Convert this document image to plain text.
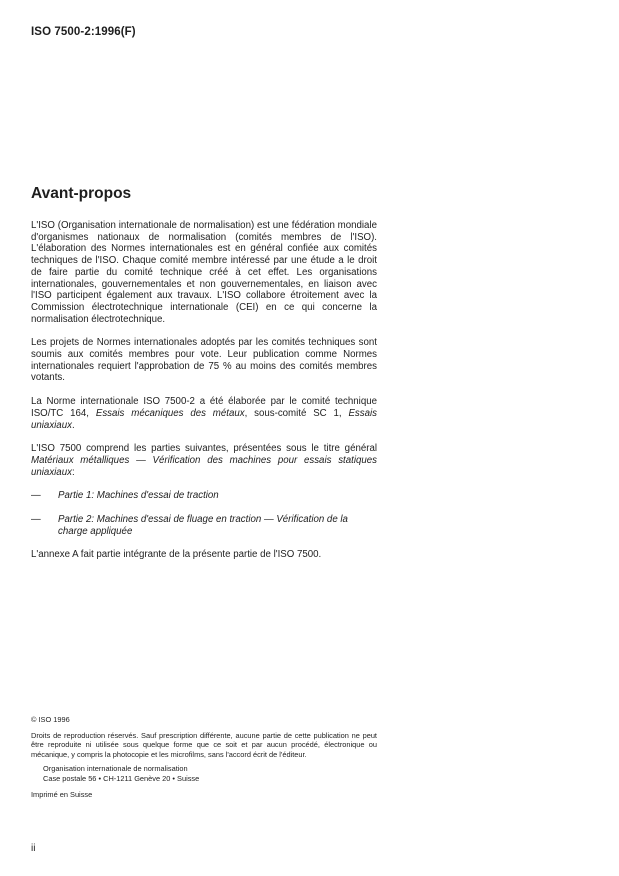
ISO 7500-2:1996(F)
Avant-propos

L'ISO (Organisation internationale de normalisation) est une fédération mondiale d'organismes nationaux de normalisation (comités membres de l'ISO). L'élaboration des Normes internationales est en général confiée aux comités techniques de l'ISO. Chaque comité membre intéressé par une étude a le droit de faire partie du comité technique créé à cet effet. Les organisations internationales, gouvernementales et non gouvernementales, en liaison avec l'ISO participent également aux travaux. L'ISO collabore étroitement avec la Commission électrotechnique internationale (CEI) en ce qui concerne la normalisation électrotechnique.

Les projets de Normes internationales adoptés par les comités techniques sont soumis aux comités membres pour vote. Leur publication comme Normes internationales requiert l'approbation de 75 % au moins des comités membres votants.

La Norme internationale ISO 7500-2 a été élaborée par le comité technique ISO/TC 164, Essais mécaniques des métaux, sous-comité SC 1, Essais uniaxiaux.

L'ISO 7500 comprend les parties suivantes, présentées sous le titre général Matériaux métalliques — Vérification des machines pour essais statiques uniaxiaux:

—	Partie 1: Machines d'essai de traction
—	Partie 2: Machines d'essai de fluage en traction — Vérification de la charge appliquée

L'annexe A fait partie intégrante de la présente partie de l'ISO 7500.

© ISO 1996

Droits de reproduction réservés. Sauf prescription différente, aucune partie de cette publication ne peut être reproduite ni utilisée sous quelque forme que ce soit et par aucun procédé, électronique ou mécanique, y compris la photocopie et les microfilms, sans l'accord écrit de l'éditeur.

Organisation internationale de normalisation
Case postale 56 • CH-1211 Genève 20 • Suisse

Imprimé en Suisse

ii
